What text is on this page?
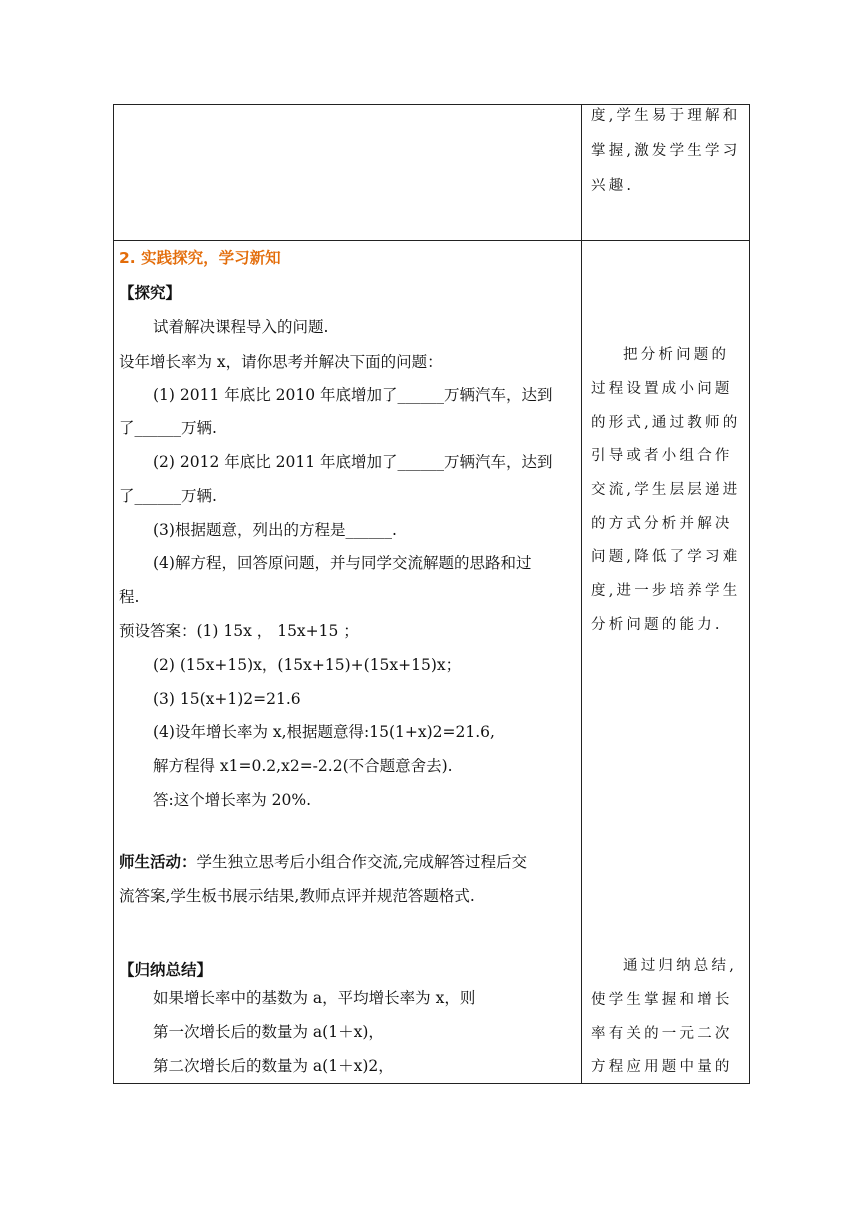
度,学生易于理解和
掌握,激发学生学习
兴趣.
2. 实践探究，学习新知
【探究】
试着解决课程导入的问题.
设年增长率为 x，请你思考并解决下面的问题：
(1) 2011 年底比 2010 年底增加了______万辆汽车，达到
了______万辆.
(2) 2012 年底比 2011 年底增加了______万辆汽车，达到
了______万辆.
(3)根据题意，列出的方程是______.
(4)解方程，回答原问题，并与同学交流解题的思路和过
程.
预设答案：(1) 15x ， 15x+15 ；
(2) (15x+15)x，(15x+15)+(15x+15)x；
(3) 15(x+1)2=21.6
(4)设年增长率为 x,根据题意得:15(1+x)2=21.6,
解方程得 x1=0.2,x2=-2.2(不合题意舍去).
答:这个增长率为 20%.
师生活动：学生独立思考后小组合作交流,完成解答过程后交
流答案,学生板书展示结果,教师点评并规范答题格式.
【归纳总结】
如果增长率中的基数为 a，平均增长率为 x，则
第一次增长后的数量为 a(1＋x)，
第二次增长后的数量为 a(1＋x)2，
把分析问题的
过程设置成小问题
的形式,通过教师的
引导或者小组合作
交流,学生层层递进
的方式分析并解决
问题,降低了学习难
度,进一步培养学生
分析问题的能力.
通过归纳总结,
使学生掌握和增长
率有关的一元二次
方程应用题中量的
